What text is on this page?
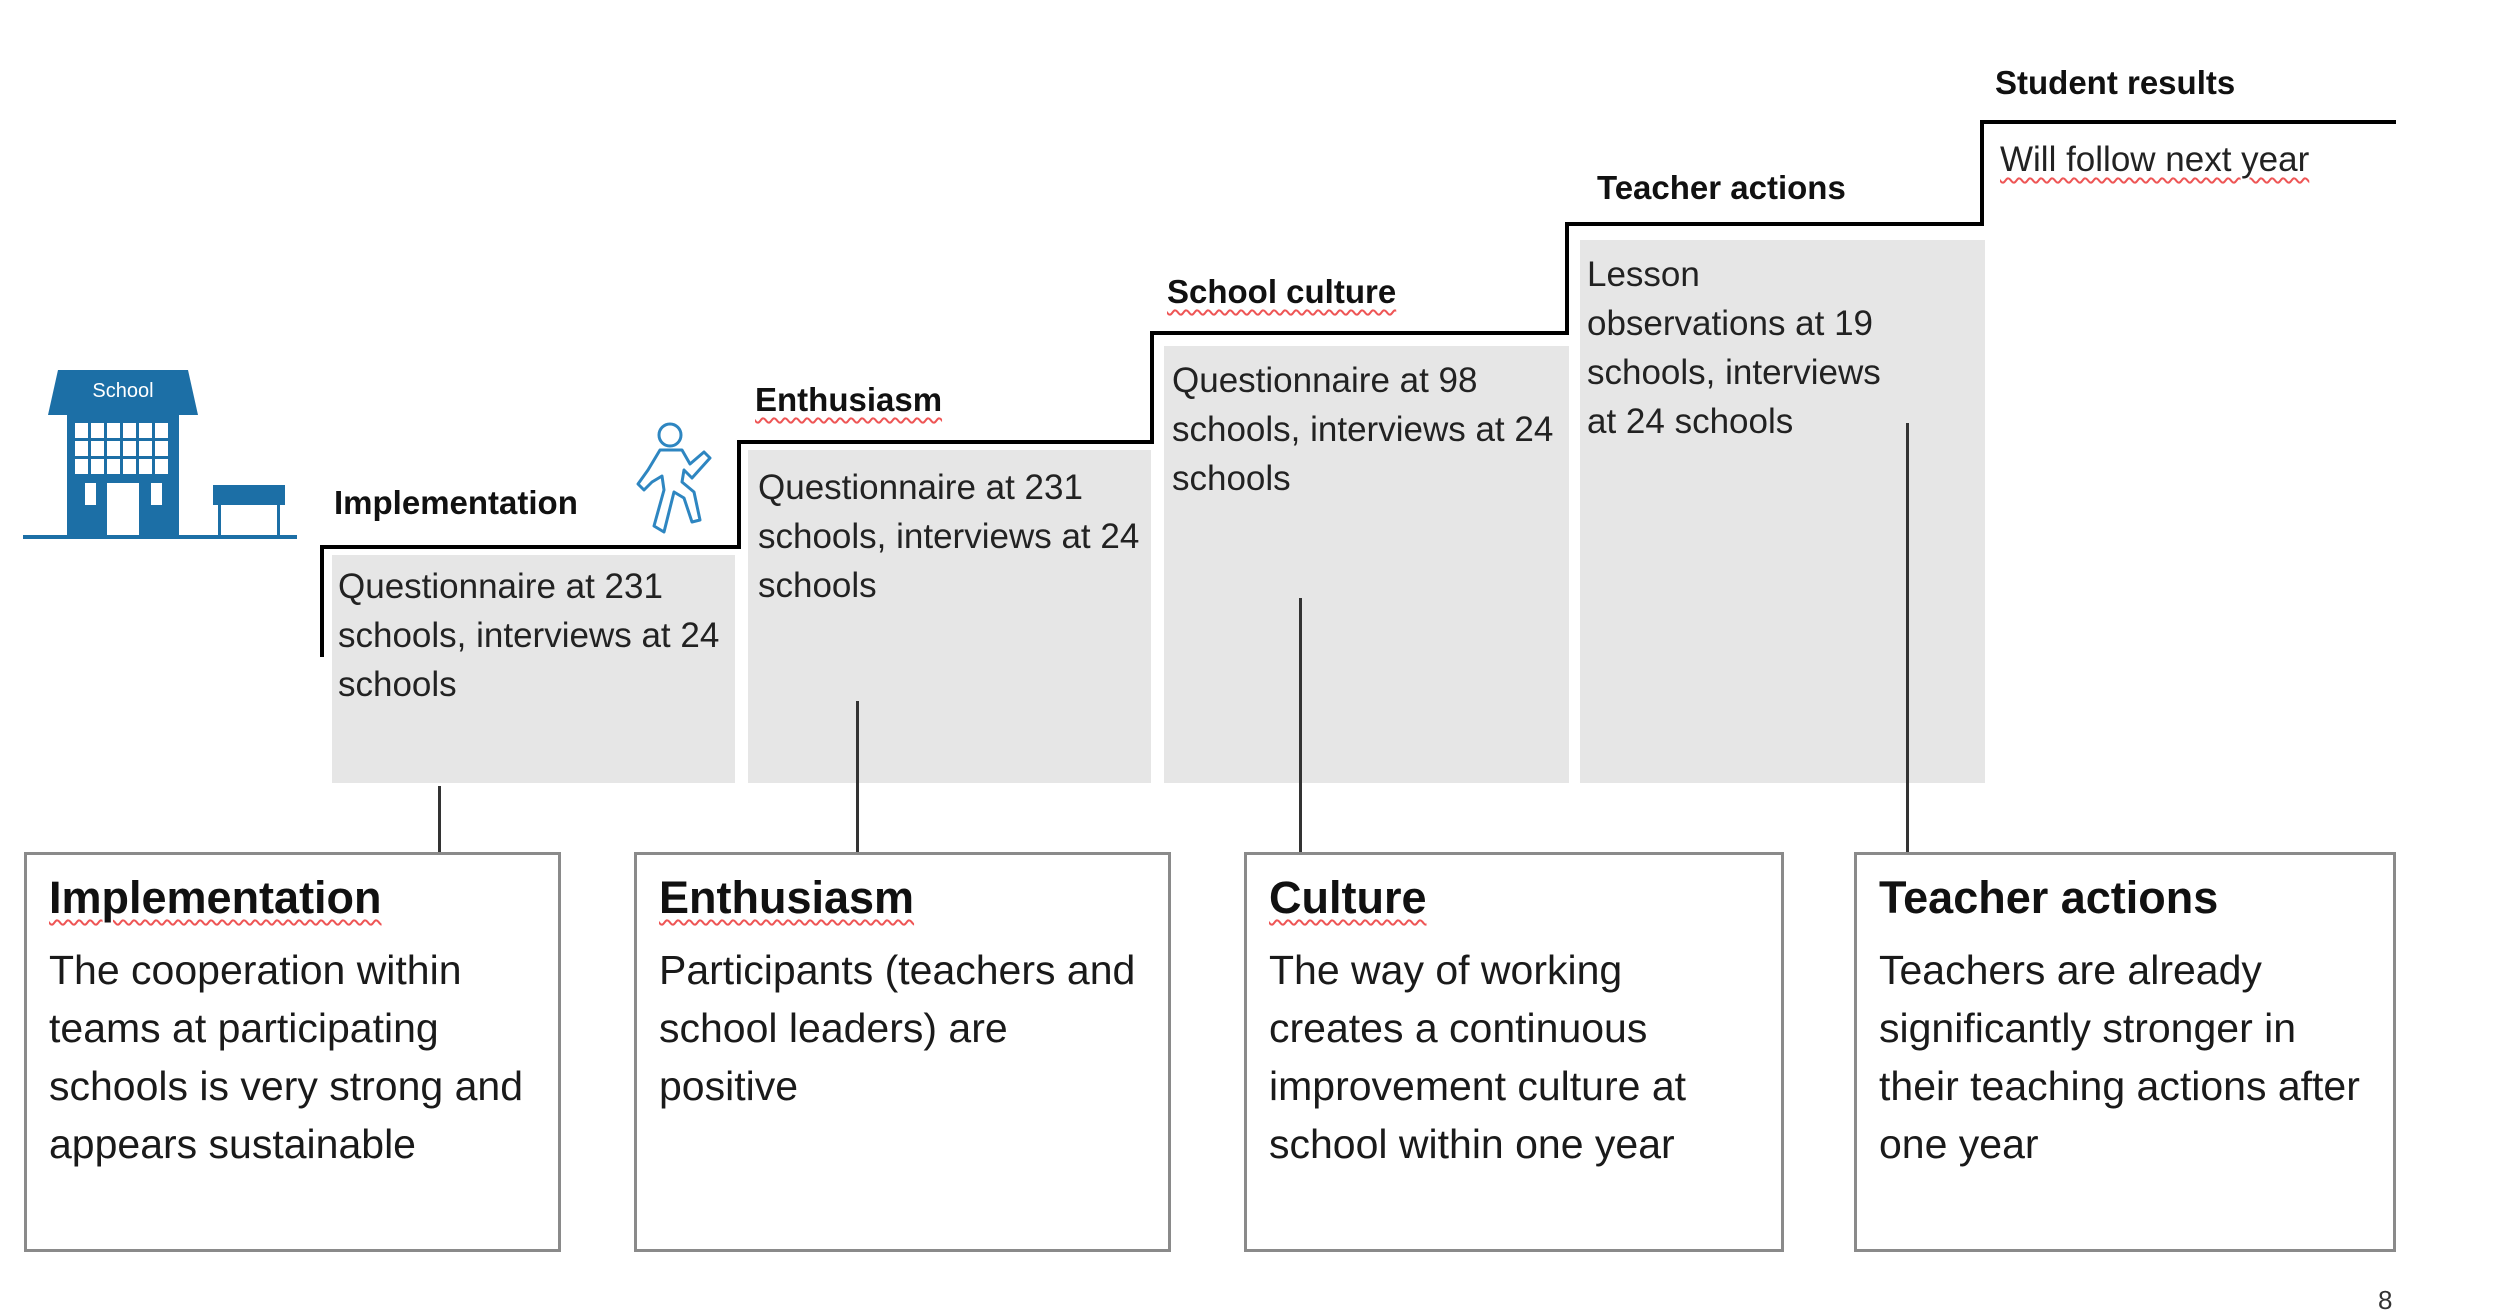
School
Implementation
Enthusiasm
School culture
Teacher actions
Student results
Questionnaire at 231 schools, interviews at 24 schools
Questionnaire at 231 schools, interviews at 24 schools
Questionnaire at 98 schools, interviews at 24 schools
Lesson observations at 19 schools, interviews at 24 schools
Will follow next year
Implementation
The cooperation within teams at participating schools is very strong and appears sustainable
Enthusiasm
Participants (teachers and school leaders) are positive
Culture
The way of working creates a continuous improvement culture at school within one year
Teacher actions
Teachers are already significantly stronger in their teaching actions after one year
8
